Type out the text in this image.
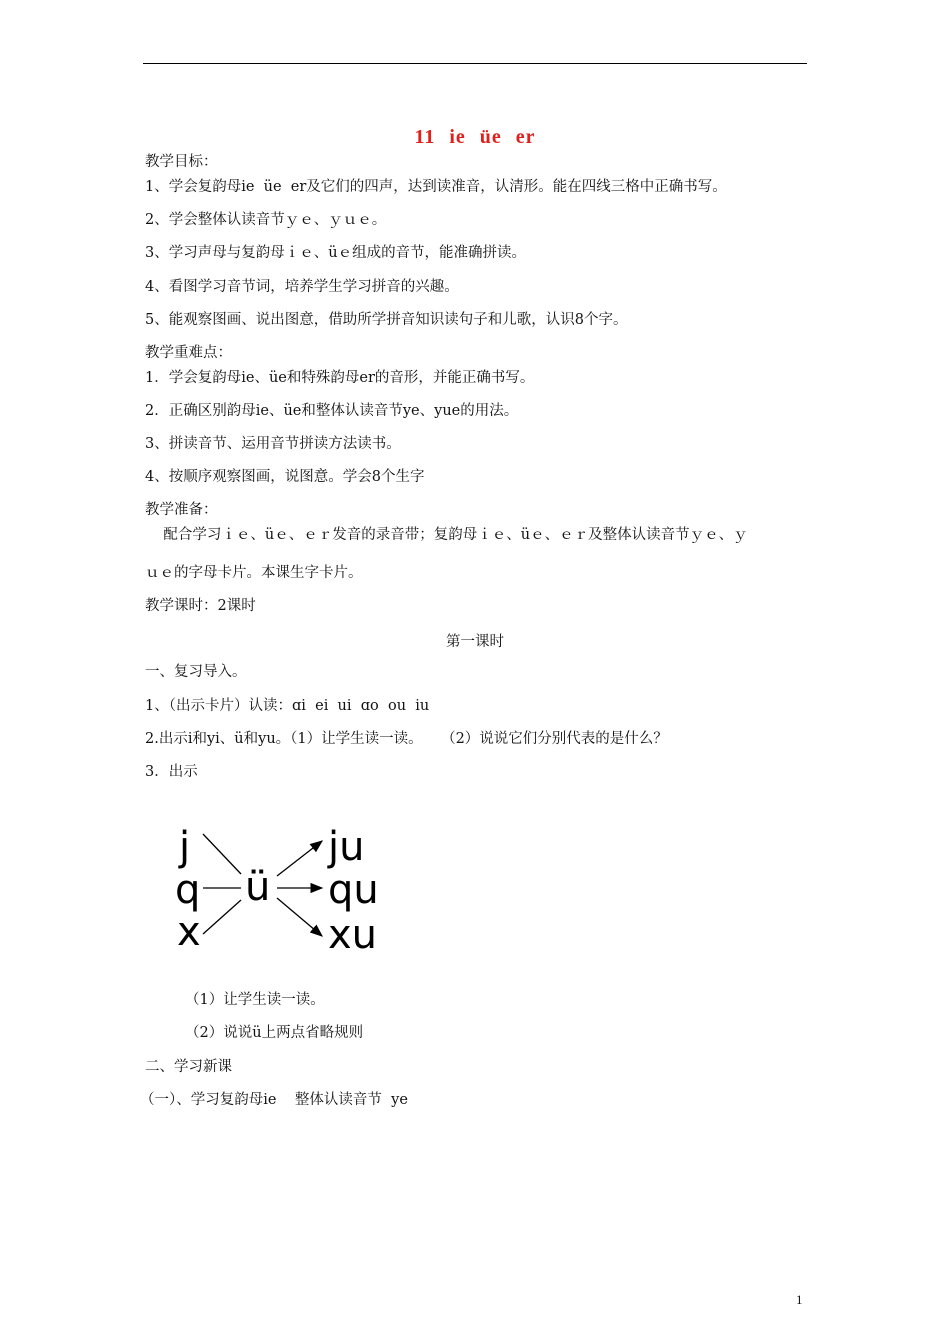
11 ie üe er
教学目标：
1、学会复韵母ie  üe  er及它们的四声，达到读准音，认清形。能在四线三格中正确书写。
2、学会整体认读音节ｙｅ、ｙｕｅ。
3、学习声母与复韵母ｉｅ、üｅ组成的音节，能准确拼读。
4、看图学习音节词，培养学生学习拼音的兴趣。
5、能观察图画、说出图意，借助所学拼音知识读句子和儿歌，认识8个字。
教学重难点：
1．学会复韵母ie、üe和特殊韵母er的音形，并能正确书写。
2．正确区别韵母ie、üe和整体认读音节ye、yue的用法。
3、拼读音节、运用音节拼读方法读书。
4、按顺序观察图画，说图意。学会8个生字
教学准备：
配合学习ｉｅ、üｅ、ｅｒ发音的录音带；复韵母ｉｅ、üｅ、ｅｒ及整体认读音节ｙｅ、ｙ
ｕｅ的字母卡片。本课生字卡片。
教学课时：2课时
第一课时
一、复习导入。
1、（出示卡片）认读：ɑi  ei  ui  ɑo  ou  iu
2.出示i和yi、ü和yu。（1）让学生读一读。    （2）说说它们分别代表的是什么？
3．出示
j
q
x
ü
ju
qu
xu
（1）让学生读一读。
（2）说说ü上两点省略规则
二、学习新课
（一）、学习复韵母ie    整体认读音节  ye
1
